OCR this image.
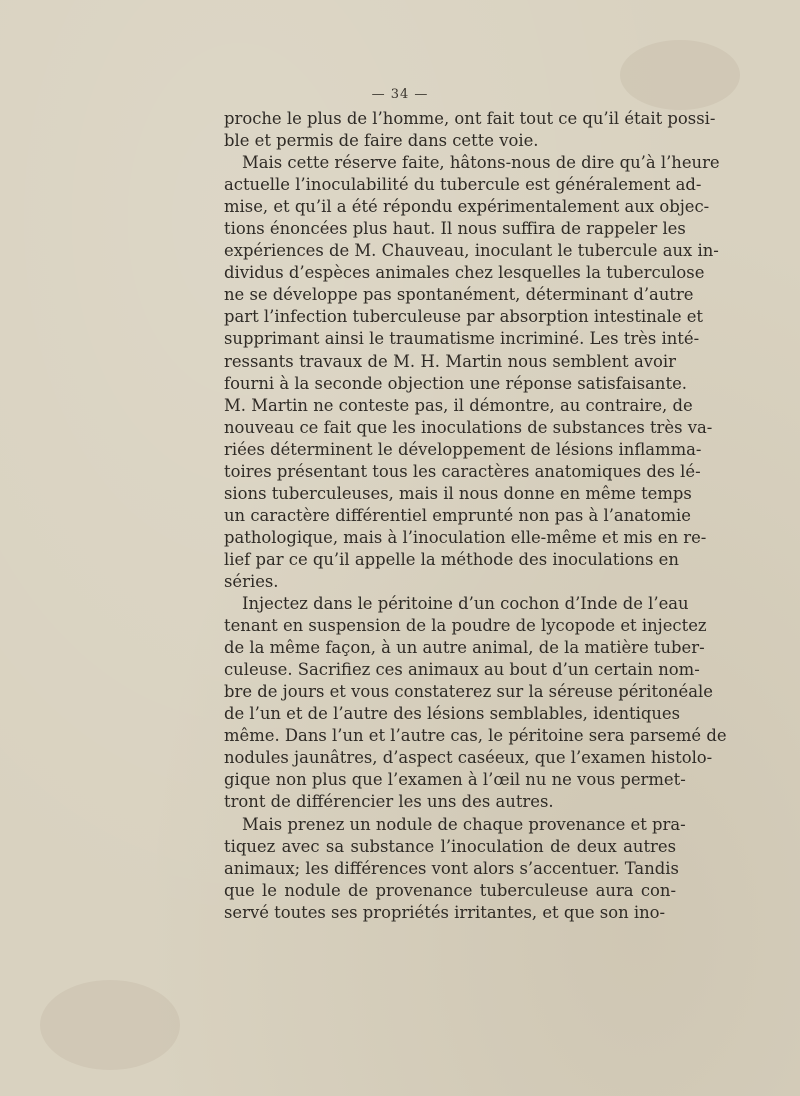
— 34 —
proche le plus de l’homme, ont fait tout ce qu’il était possi-
ble et permis de faire dans cette voie.
Mais cette réserve faite, hâtons-nous de dire qu’à l’heure
actuelle l’inoculabilité du tubercule est généralement ad-
mise, et qu’il a été répondu expérimentalement aux objec-
tions énoncées plus haut. Il nous suffira de rappeler les
expériences de M. Chauveau, inoculant le tubercule aux in-
dividus d’espèces animales chez lesquelles la tuberculose
ne se développe pas spontanément, déterminant d’autre
part l’infection tuberculeuse par absorption intestinale et
supprimant ainsi le traumatisme incriminé. Les très inté-
ressants travaux de M. H. Martin nous semblent avoir
fourni à la seconde objection une réponse satisfaisante.
M. Martin ne conteste pas, il démontre, au contraire, de
nouveau ce fait que les inoculations de substances très va-
riées déterminent le développement de lésions inflamma-
toires présentant tous les caractères anatomiques des lé-
sions tuberculeuses, mais il nous donne en même temps
un caractère différentiel emprunté non pas à l’anatomie
pathologique, mais à l’inoculation elle-même et mis en re-
lief par ce qu’il appelle la méthode des inoculations en
séries.
Injectez dans le péritoine d’un cochon d’Inde de l’eau
tenant en suspension de la poudre de lycopode et injectez
de la même façon, à un autre animal, de la matière tuber-
culeuse. Sacrifiez ces animaux au bout d’un certain nom-
bre de jours et vous constaterez sur la séreuse péritonéale
de l’un et de l’autre des lésions semblables, identiques
même. Dans l’un et l’autre cas, le péritoine sera parsemé de
nodules jaunâtres, d’aspect caséeux, que l’examen histolo-
gique non plus que l’examen à l’œil nu ne vous permet-
tront de différencier les uns des autres.
Mais prenez un nodule de chaque provenance et pra-
tiquez avec sa substance l’inoculation de deux autres
animaux; les différences vont alors s’accentuer. Tandis
que le nodule de provenance tuberculeuse aura con-
servé toutes ses propriétés irritantes, et que son ino-
